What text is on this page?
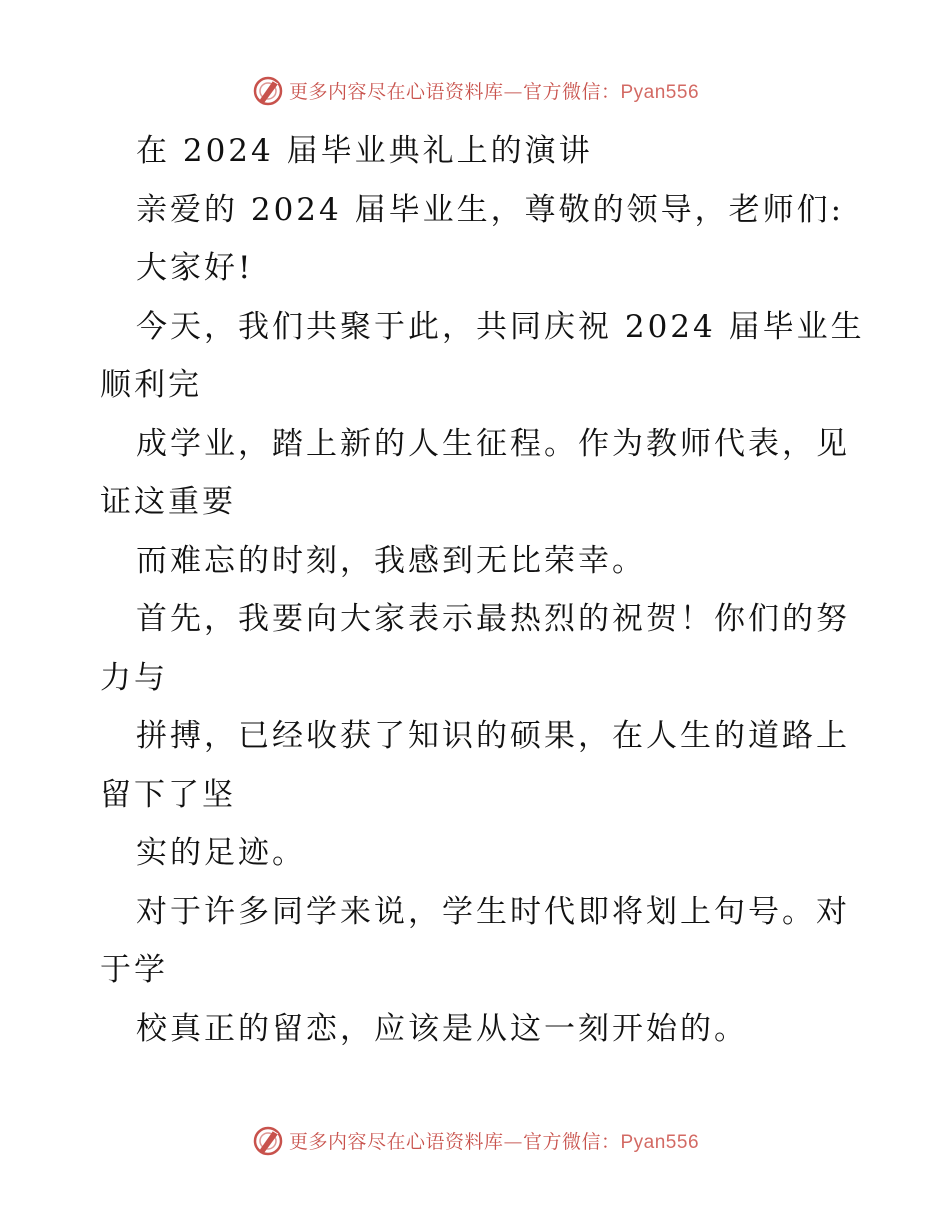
更多内容尽在心语资料库—官方微信：Pyan556
在 2024 届毕业典礼上的演讲
亲爱的 2024 届毕业生，尊敬的领导，老师们:
大家好!
今天，我们共聚于此，共同庆祝 2024 届毕业生
顺利完
成学业，踏上新的人生征程。作为教师代表，见
证这重要
而难忘的时刻，我感到无比荣幸。
首先，我要向大家表示最热烈的祝贺！你们的努
力与
拼搏，已经收获了知识的硕果，在人生的道路上
留下了坚
实的足迹。
对于许多同学来说，学生时代即将划上句号。对
于学
校真正的留恋，应该是从这一刻开始的。
更多内容尽在心语资料库—官方微信：Pyan556
